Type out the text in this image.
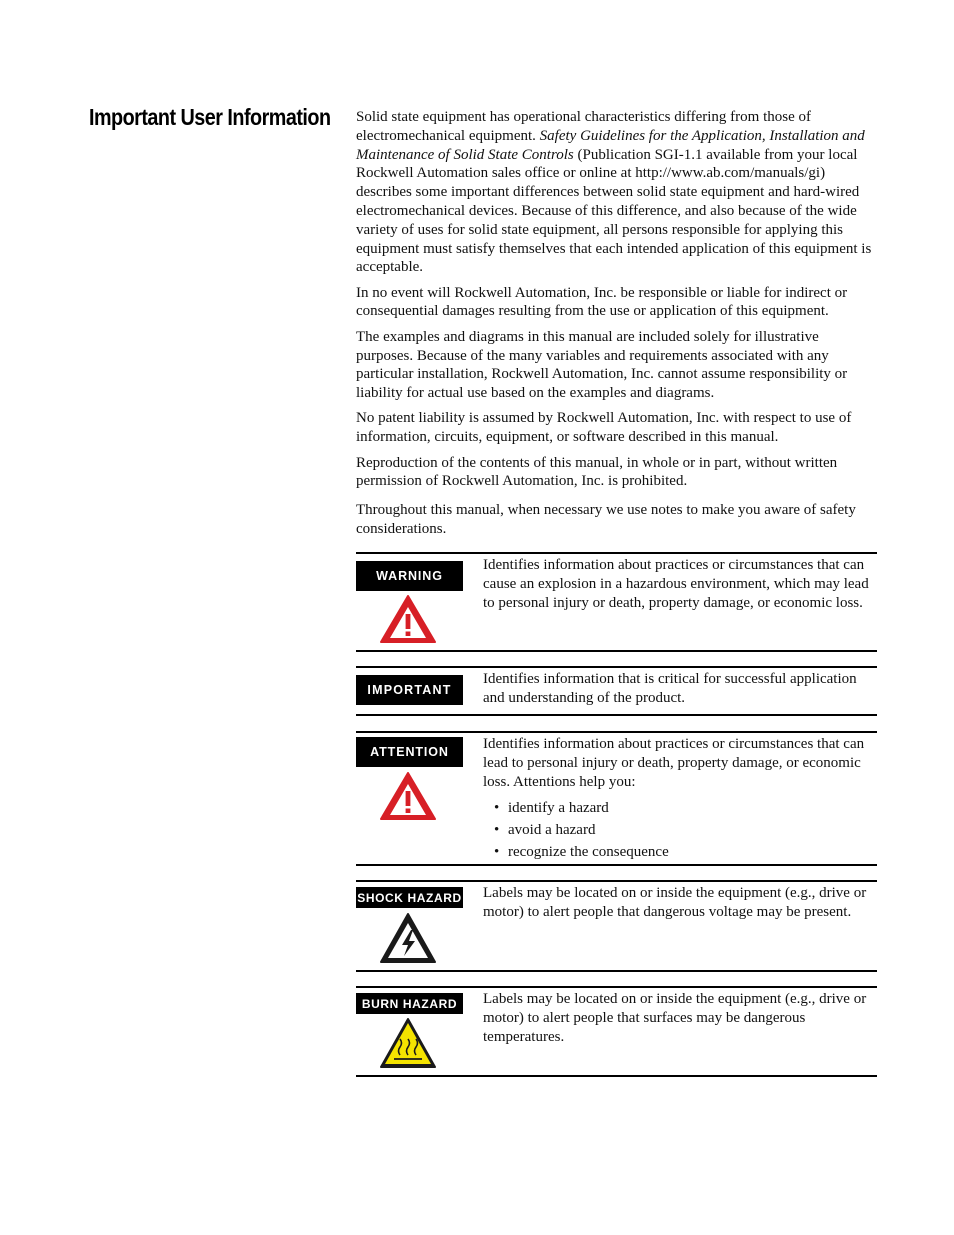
Important User Information Solid state equipment has operational characteristics differing from those of electromechanical equipment. Safety Guidelines for the Application, Installation and Maintenance of Solid State Controls (Publication SGI-1.1 available from your local Rockwell Automation sales office or online at http://www.ab.com/manuals/gi) describes some important differences between solid state equipment and hard-wired electromechanical devices. Because of this difference, and also because of the wide variety of uses for solid state equipment, all persons responsible for applying this equipment must satisfy themselves that each intended application of this equipment is acceptable.

In no event will Rockwell Automation, Inc. be responsible or liable for indirect or consequential damages resulting from the use or application of this equipment.

The examples and diagrams in this manual are included solely for illustrative purposes. Because of the many variables and requirements associated with any particular installation, Rockwell Automation, Inc. cannot assume responsibility or liability for actual use based on the examples and diagrams.

No patent liability is assumed by Rockwell Automation, Inc. with respect to use of information, circuits, equipment, or software described in this manual.

Reproduction of the contents of this manual, in whole or in part, without written permission of Rockwell Automation, Inc. is prohibited.

Throughout this manual, when necessary we use notes to make you aware of safety considerations.

WARNING
Identifies information about practices or circumstances that can cause an explosion in a hazardous environment, which may lead to personal injury or death, property damage, or economic loss.
IMPORTANT
Identifies information that is critical for successful application and understanding of the product.
ATTENTION	Identifies information about practices or circumstances that can lead to personal injury or death, property damage, or economic loss. Attentions help you:
• identify a hazard
• avoid a hazard
• recognize the consequence
SHOCK HAZARD Labels may be located on or inside the equipment (e.g., drive or motor) to alert people that dangerous voltage may be present.
BURN HAZARD	Labels may be located on or inside the equipment (e.g., drive or motor) to alert people that surfaces may be dangerous temperatures.
